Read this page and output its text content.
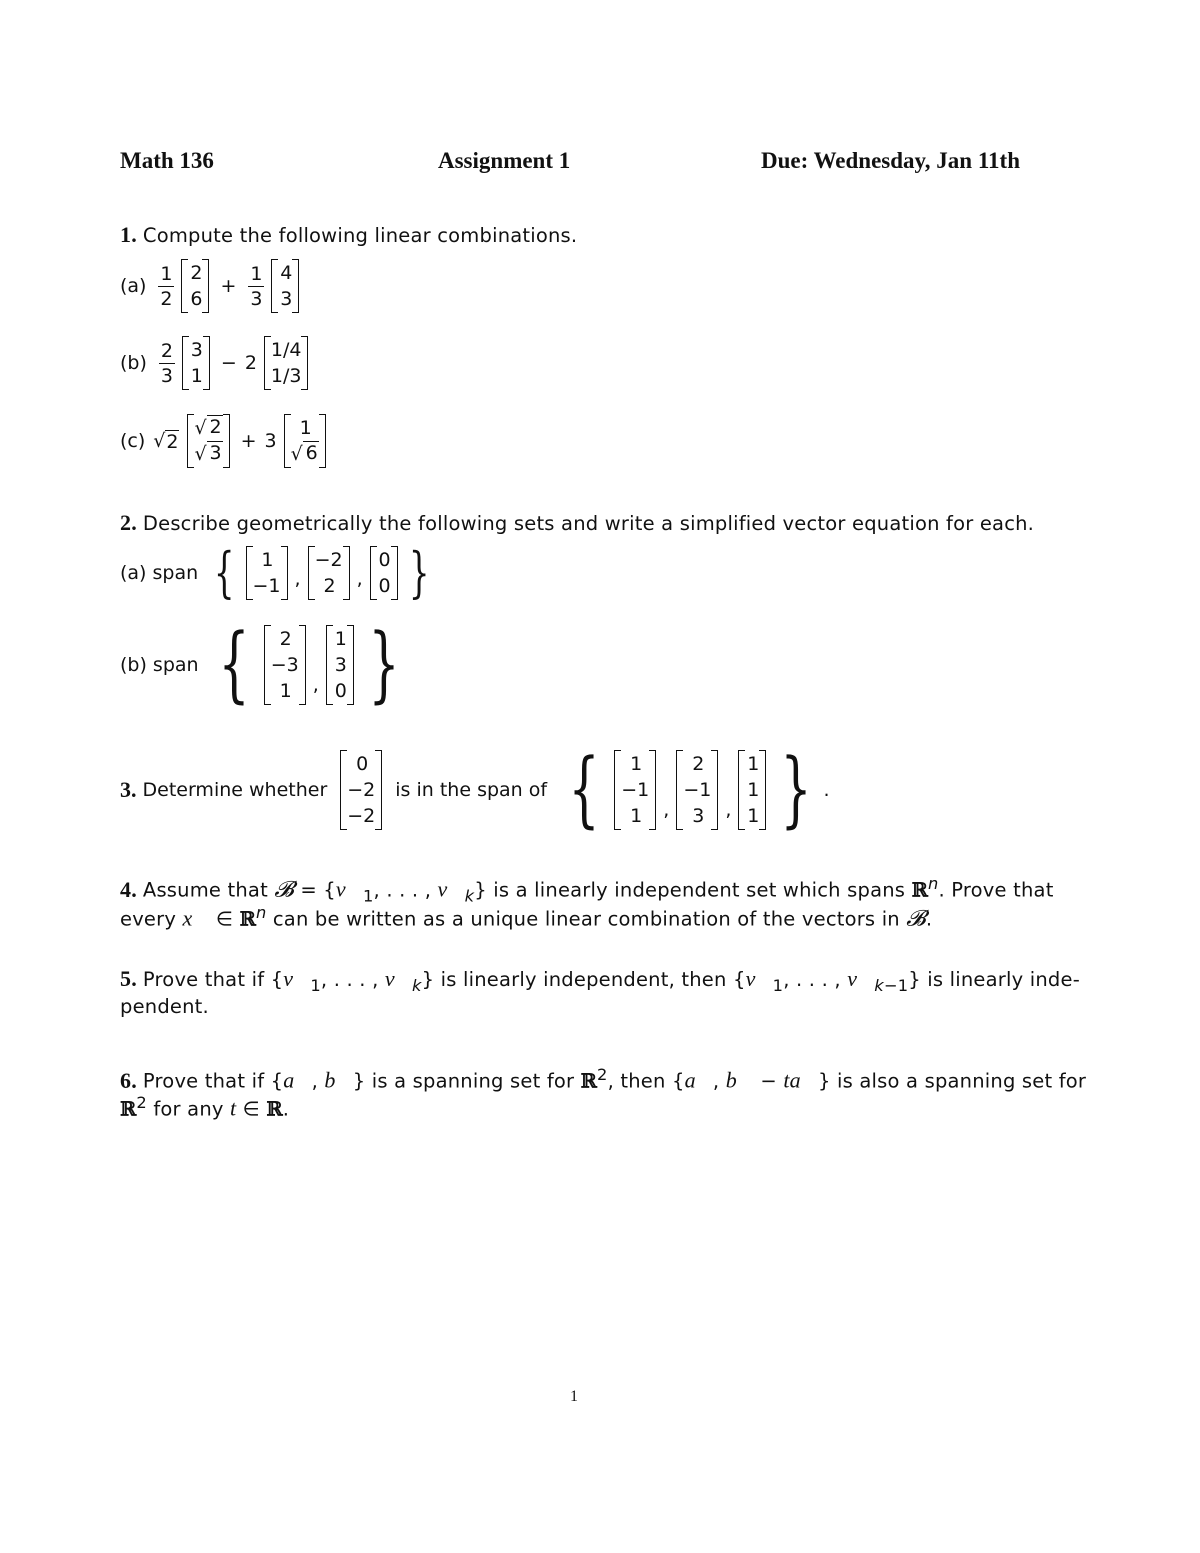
Math 136	Assignment 1	Due: Wednesday, Jan 11th
1. Compute the following linear combinations.
$(a) \frac{1}{2} 2$
6
+ $\frac{1}{3} 4$
3
$(b) \frac{2}{3} 3$
1
− 2
1/4
1/3
(c) √ 2
√ 2
√ 3
+ 3
1
√ 6
2. Describe geometrically the following sets and write a simplified vector equation for each.
(a) span { 1
−1 ,
−2
2 ,
0
0 }
(b) span { 2
−3
1 ,
1
3
0 }
3. Determine whether
0
−2
−2
is in the span of { 1
−1
1 ,
2
−1
3 ,
1
1
1 } .
4. Assume that 𝓑 = {$v⃗_1$, . . . , $v⃗_k$} is a linearly independent set which spans ℝ$^n$. Prove that
every x⃗ ∈ ℝ$^n$ can be written as a unique linear combination of the vectors in 𝓑.
5. Prove that if {$v⃗_1$, . . . , $v⃗_k$} is linearly independent, then {$v⃗_1$, . . . , $v⃗_{k-1}$} is linearly inde-
pendent.
6. Prove that if {a⃗, b⃗} is a spanning set for ℝ$^2$, then {a⃗, b⃗ − ta⃗} is also a spanning set for
ℝ$^2$ for any t ∈ ℝ.
1
